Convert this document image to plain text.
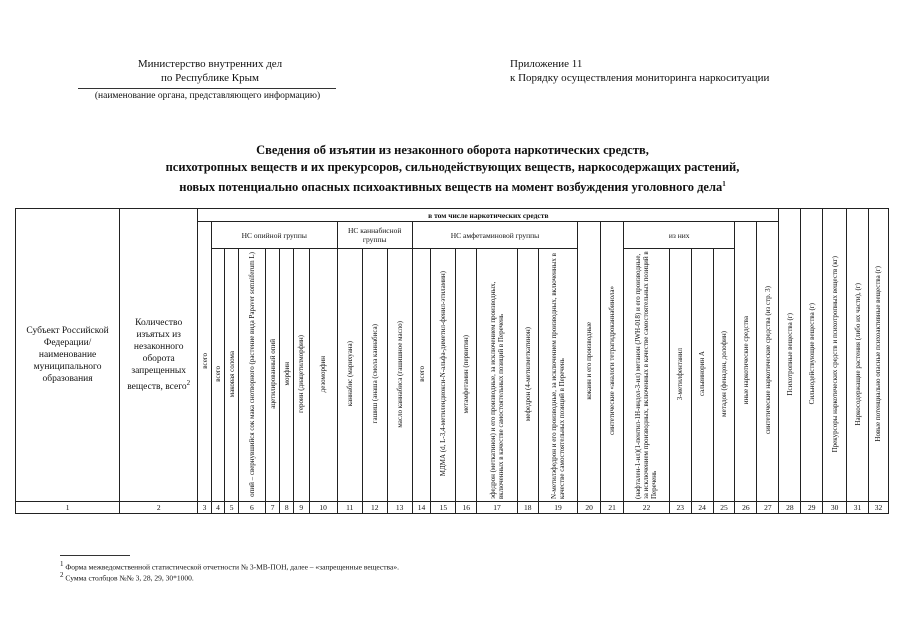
Министерство внутренних дел
по Республике Крым
(наименование органа, представляющего информацию)
Приложение 11
к Порядку осуществления мониторинга наркоситуации
Сведения об изъятии из незаконного оборота наркотических средств,
психотропных веществ и их прекурсоров, сильнодействующих веществ, наркосодержащих растений,
новых потенциально опасных психоактивных веществ на момент возбуждения уголовного дела$^1$
Субъект Российской Федерации/ наименование муниципального образования	Количество изъятых из незаконного оборота запрещенных веществ, всего$^2$	в том числе наркотических средств																									Психотропные вещества (г)	Сильнодействующие вещества (г)	Прекурсоры наркотических средств и психотропных веществ (кг)	Наркосодержащие растения (либо их части), (г)	Новые потенциально опасные психоактивные вещества (г)
		всего	НС опийной группы							НС каннабисной группы			НС амфетаминовой группы						кокаин и его производные	синтетические «аналоги тетрагидроканнабинола»	из них				иные наркотические средства	синтетические наркотические средства (из стр. 3)					
			всего	маковая солома	опий – свернувшийся сок мака снотворного (растение вида Papaver somniferum L)	ацетилированный опий	морфин	героин (диацетилморфин)	дезоморфин	каннабис (марихуана)	гашиш (анаша (смола каннабиса)	масло каннабиса (гашишное масло)	всего	МДМА (d, L-3,4-метилендиокси-N-альфа-диметил-фенил-этиламин)	метамфетамин (первитин)	эфедрон (меткатинон) и его производные, за исключением производных, включенных в качестве самостоятельных позиций в Перечень	мефедрон (4-метилметкатинон)	N-метилэфедрон и его производные, за исключением производных, включенных в качестве самостоятельных позиций в Перечень			(нафтален-1-ил)(1-пентил-1Н-индол-3-ил) метанон (JWH-018) и его производные, за исключением производных, включенных в качестве самостоятельных позиций в Перечень	3-метилфентанил	сальвинорин А	метадон (фенадон, долофин)							
1	2	3	4	5	6	7	8	9	10	11	12	13	14	15	16	17	18	19	20	21	22	23	24	25	26	27	28	29	30	31	32
$^1$ Форма межведомственной статистической отчетности № 3-МВ-ПОН, далее – «запрещенные вещества».
$^2$ Сумма столбцов №№ 3, 28, 29, 30*1000.
